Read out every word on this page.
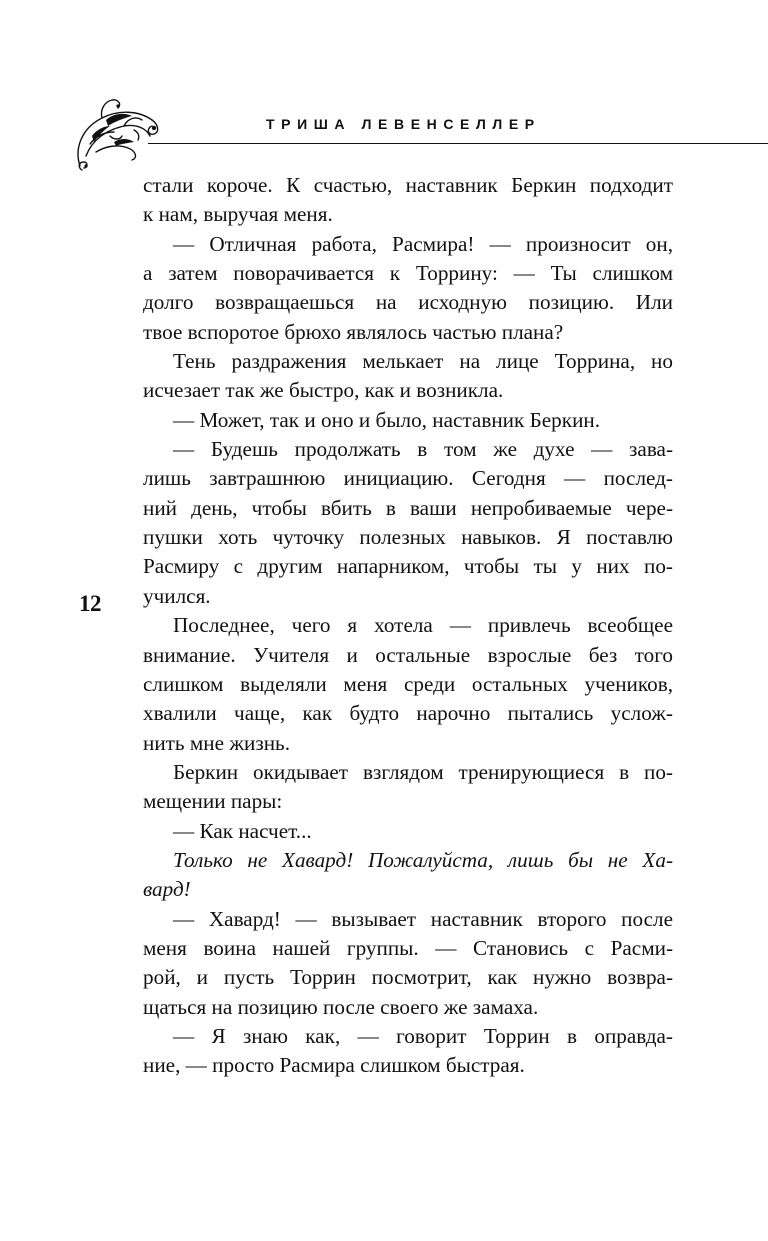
ТРИША ЛЕВЕНСЕЛЛЕР
12
стали короче. К счастью, наставник Беркин подходит
к нам, выручая меня.
— Отличная работа, Расмира! — произносит он,
а затем поворачивается к Торрину: — Ты слишком
долго возвращаешься на исходную позицию. Или
твое вспоротое брюхо являлось частью плана?
Тень раздражения мелькает на лице Торрина, но
исчезает так же быстро, как и возникла.
— Может, так и оно и было, наставник Беркин.
— Будешь продолжать в том же духе — зава-
лишь завтрашнюю инициацию. Сегодня — послед-
ний день, чтобы вбить в ваши непробиваемые чере-
пушки хоть чуточку полезных навыков. Я поставлю
Расмиру с другим напарником, чтобы ты у них по-
учился.
Последнее, чего я хотела — привлечь всеобщее
внимание. Учителя и остальные взрослые без того
слишком выделяли меня среди остальных учеников,
хвалили чаще, как будто нарочно пытались услож-
нить мне жизнь.
Беркин окидывает взглядом тренирующиеся в по-
мещении пары:
— Как насчет...
Только не Хавард! Пожалуйста, лишь бы не Ха-
вард!
— Хавард! — вызывает наставник второго после
меня воина нашей группы. — Становись с Расми-
рой, и пусть Торрин посмотрит, как нужно возвра-
щаться на позицию после своего же замаха.
— Я знаю как, — говорит Торрин в оправда-
ние, — просто Расмира слишком быстрая.
